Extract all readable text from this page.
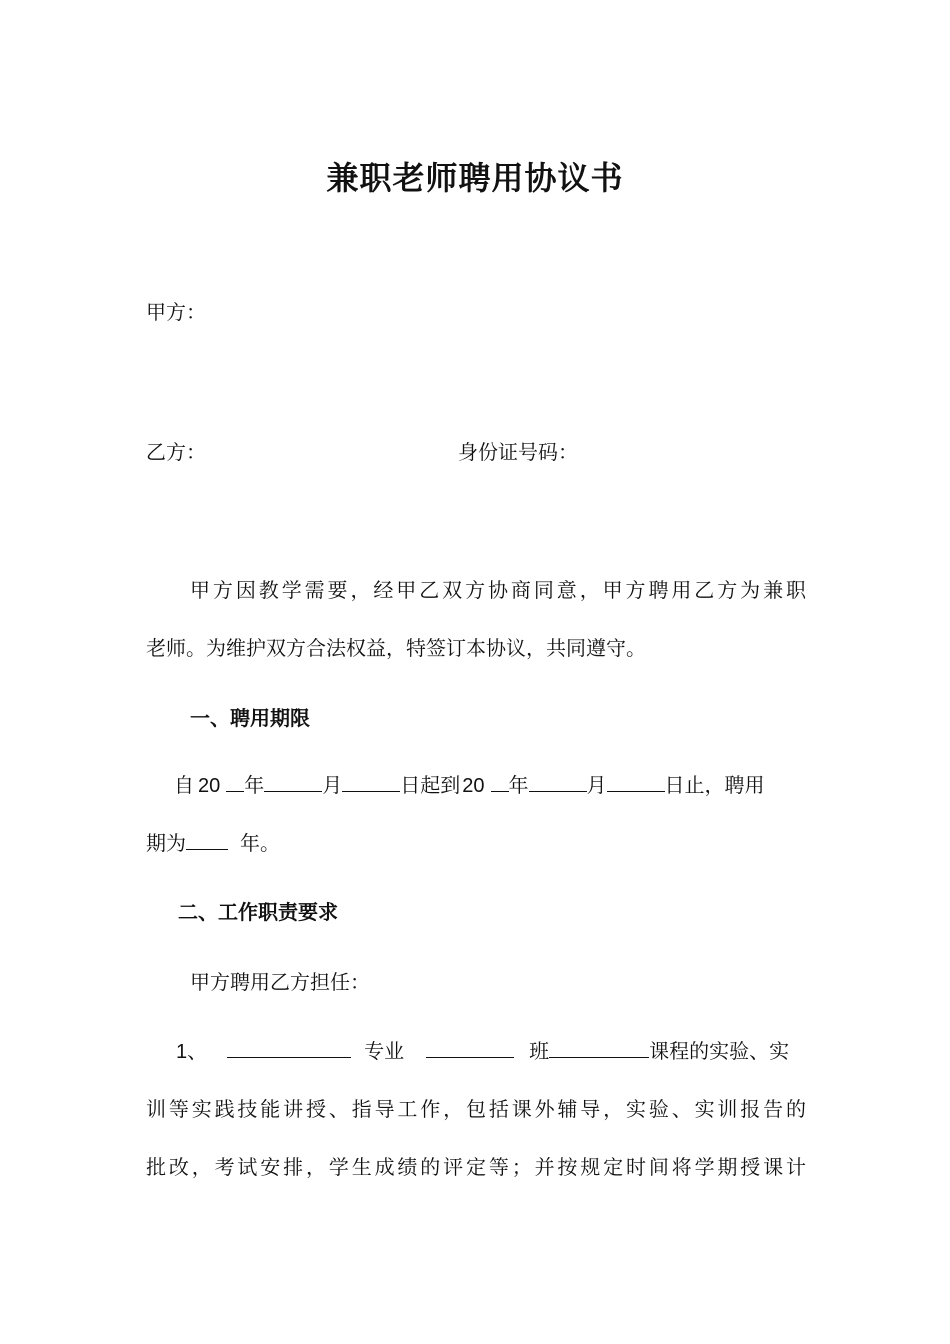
兼职老师聘用协议书
甲方：
乙方：	身份证号码：
甲方因教学需要，经甲乙双方协商同意，甲方聘用乙方为兼职
老师。为维护双方合法权益，特签订本协议，共同遵守。
一、聘用期限
自 20 年	月	日起到 20 年	月	日止，聘用
期为	年。
二、工作职责要求
甲方聘用乙方担任：
1、	专业	班	课程的实验、实
训等实践技能讲授、指导工作，包括课外辅导，实验、实训报告的
批改，考试安排，学生成绩的评定等；并按规定时间将学期授课计
